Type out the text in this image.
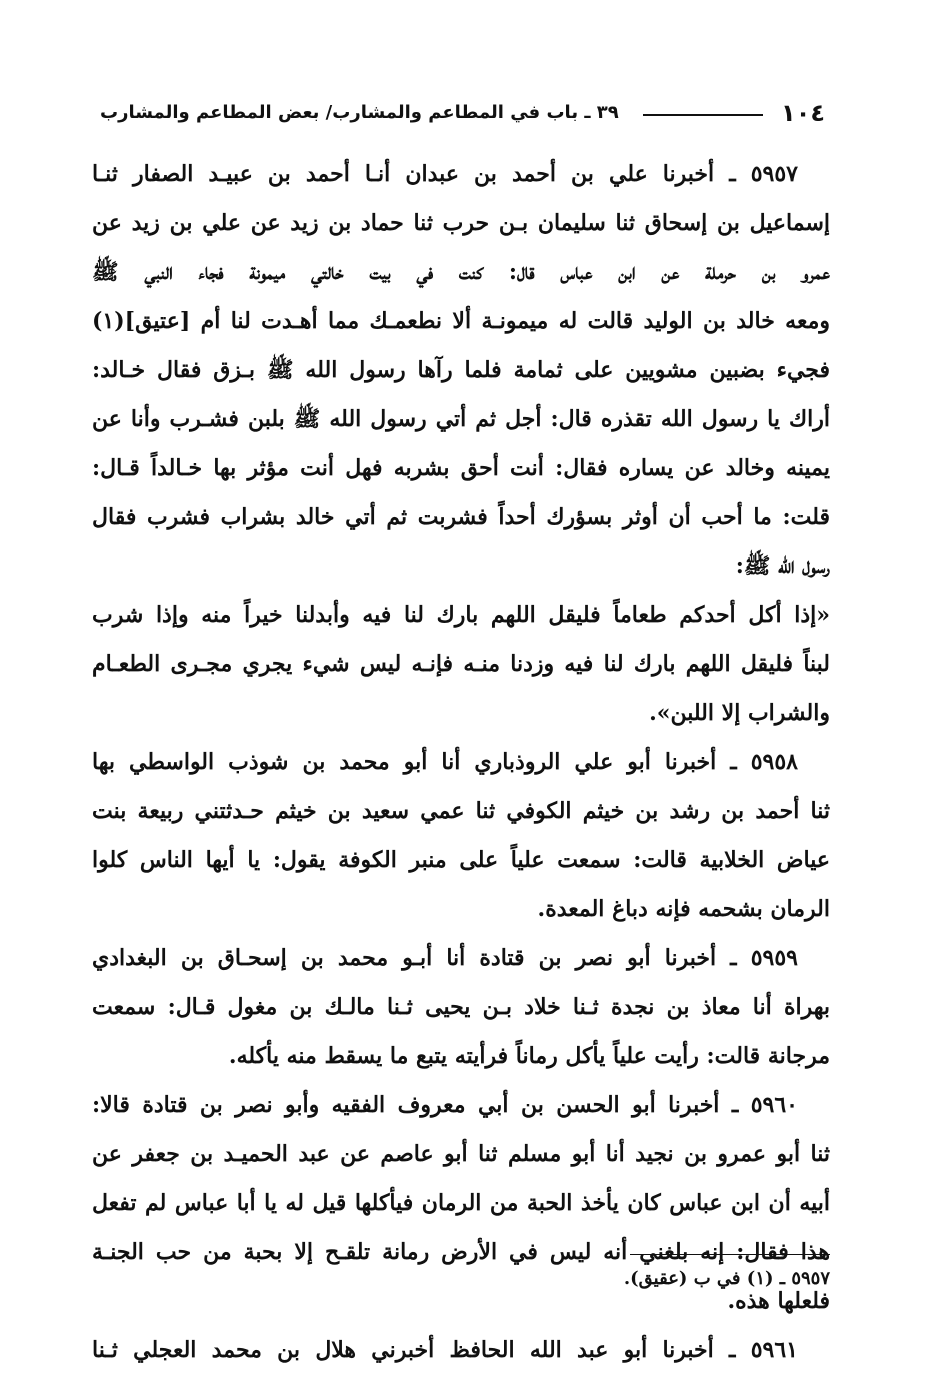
١٠٤
٣٩ ـ باب في المطاعم والمشارب/ بعض المطاعم والمشارب
٥٩٥٧ ـ أخبرنا علي بن أحمد بن عبدان أنـا أحمد بن عبيـد الصفار ثنـا
إسماعيل بن إسحاق ثنا سليمان بـن حرب ثنا حماد بن زيد عن علي بن زيد عن
عمرو بن حرملة عن ابن عباس قال: كنت في بيت خالتي ميمونة فجاء النبي ﷺ
ومعه خالد بن الوليد قالت له ميمونـة ألا نطعمـك مما أهـدت لنا أم [عتيق](١)
فجيء بضبين مشويين على ثمامة فلما رآها رسول الله ﷺ بـزق فقال خـالد:
أراك يا رسول الله تقذره قال: أجل ثم أتي رسول الله ﷺ بلبن فشـرب وأنا عن
يمينه وخالد عن يساره فقال: أنت أحق بشربه فهل أنت مؤثر بها خـالداً قـال:
قلت: ما أحب أن أوثر بسؤرك أحداً فشربت ثم أتي خالد بشراب فشرب فقال
رسول الله ﷺ:
«إذا أكل أحدكم طعاماً فليقل اللهم بارك لنا فيه وأبدلنا خيراً منه وإذا شرب
لبناً فليقل اللهم بارك لنا فيه وزدنا منـه فإنـه ليس شيء يجري مجـرى الطعـام
والشراب إلا اللبن».
٥٩٥٨ ـ أخبرنا أبو علي الروذباري أنا أبو محمد بن شوذب الواسطي بها
ثنا أحمد بن رشد بن خيثم الكوفي ثنا عمي سعيد بن خيثم حـدثتني ربيعة بنت
عياض الخلابية قالت: سمعت علياً على منبر الكوفة يقول: يا أيها الناس كلوا
الرمان بشحمه فإنه دباغ المعدة.
٥٩٥٩ ـ أخبرنا أبو نصر بن قتادة أنا أبـو محمد بن إسحـاق بن البغدادي
بهراة أنا معاذ بن نجدة ثـنا خلاد بـن يحيى ثـنا مالـك بن مغول قـال: سمعت
مرجانة قالت: رأيت علياً يأكل رماناً فرأيته يتبع ما يسقط منه يأكله.
٥٩٦٠ ـ أخبرنا أبو الحسن بن أبي معروف الفقيه وأبو نصر بن قتادة قالا:
ثنا أبو عمرو بن نجيد أنا أبو مسلم ثنا أبو عاصم عن عبد الحميـد بن جعفر عن
أبيه أن ابن عباس كان يأخذ الحبة من الرمان فيأكلها قيل له يا أبا عباس لم تفعل
هذا فقال: إنه بلغني أنه ليس في الأرض رمانة تلقـح إلا بحبة من حب الجنـة
فلعلها هذه.
٥٩٦١ ـ أخبرنا أبو عبد الله الحافظ أخبرني هلال بن محمد العجلي ثـنا
٥٩٥٧ ـ (١) في ب (عقيق).
